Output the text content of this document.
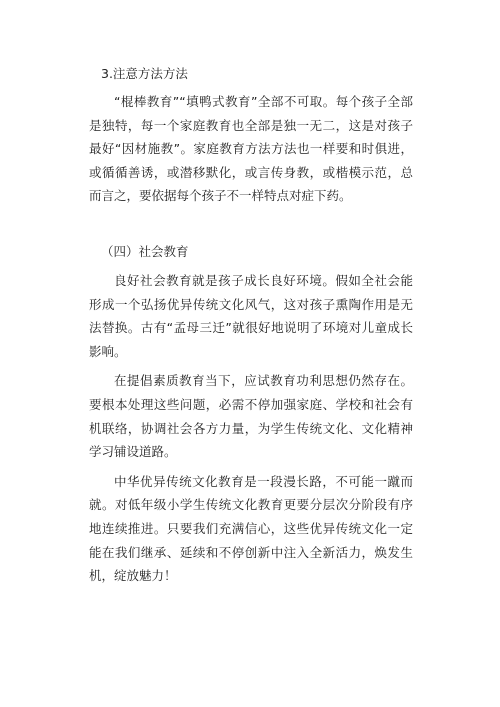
3.注意方法方法

“棍棒教育”“填鸭式教育”全部不可取。每个孩子全部是独特，每一个家庭教育也全部是独一无二，这是对孩子最好“因材施教”。家庭教育方法方法也一样要和时俱进，或循循善诱，或潜移默化，或言传身教，或楷模示范，总而言之，要依据每个孩子不一样特点对症下药。

（四）社会教育

良好社会教育就是孩子成长良好环境。假如全社会能形成一个弘扬优异传统文化风气，这对孩子熏陶作用是无法替换。古有“孟母三迁”就很好地说明了环境对儿童成长影响。

在提倡素质教育当下，应试教育功利思想仍然存在。要根本处理这些问题，必需不停加强家庭、学校和社会有机联络，协调社会各方力量，为学生传统文化、文化精神学习铺设道路。

中华优异传统文化教育是一段漫长路，不可能一蹴而就。对低年级小学生传统文化教育更要分层次分阶段有序地连续推进。只要我们充满信心，这些优异传统文化一定能在我们继承、延续和不停创新中注入全新活力，焕发生机，绽放魅力！
